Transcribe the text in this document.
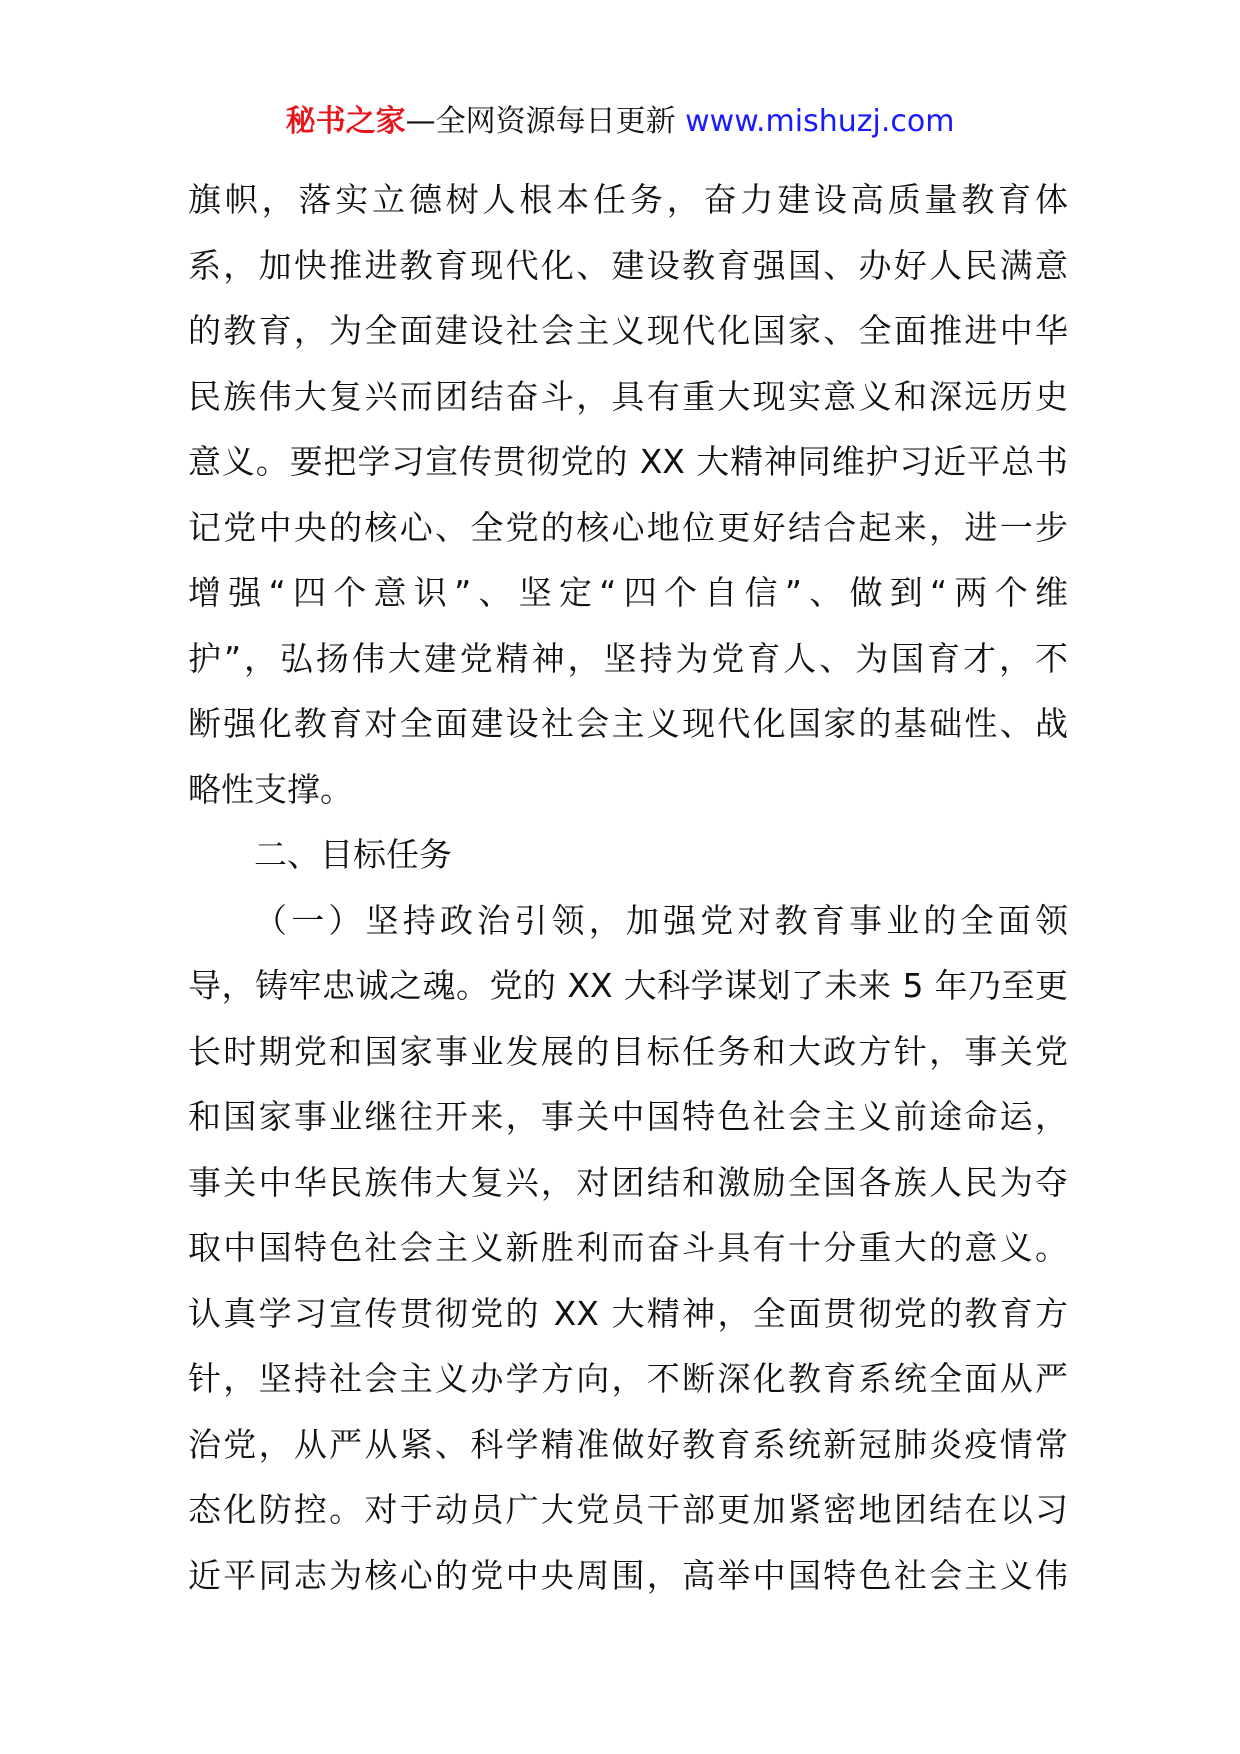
秘书之家—全网资源每日更新 www.mishuzj.com

旗帜，落实立德树人根本任务，奋力建设高质量教育体

系，加快推进教育现代化、建设教育强国、办好人民满意

的教育，为全面建设社会主义现代化国家、全面推进中华

民族伟大复兴而团结奋斗，具有重大现实意义和深远历史

意义。要把学习宣传贯彻党的 XX 大精神同维护习近平总书

记党中央的核心、全党的核心地位更好结合起来，进一步

增强“四个意识”、坚定“四个自信”、做到“两个维

护”，弘扬伟大建党精神，坚持为党育人、为国育才，不

断强化教育对全面建设社会主义现代化国家的基础性、战

略性支撑。

二、目标任务

（一）坚持政治引领，加强党对教育事业的全面领

导，铸牢忠诚之魂。党的 XX 大科学谋划了未来 5 年乃至更

长时期党和国家事业发展的目标任务和大政方针，事关党

和国家事业继往开来，事关中国特色社会主义前途命运，

事关中华民族伟大复兴，对团结和激励全国各族人民为夺

取中国特色社会主义新胜利而奋斗具有十分重大的意义。

认真学习宣传贯彻党的 XX 大精神，全面贯彻党的教育方

针，坚持社会主义办学方向，不断深化教育系统全面从严

治党，从严从紧、科学精准做好教育系统新冠肺炎疫情常

态化防控。对于动员广大党员干部更加紧密地团结在以习

近平同志为核心的党中央周围，高举中国特色社会主义伟
